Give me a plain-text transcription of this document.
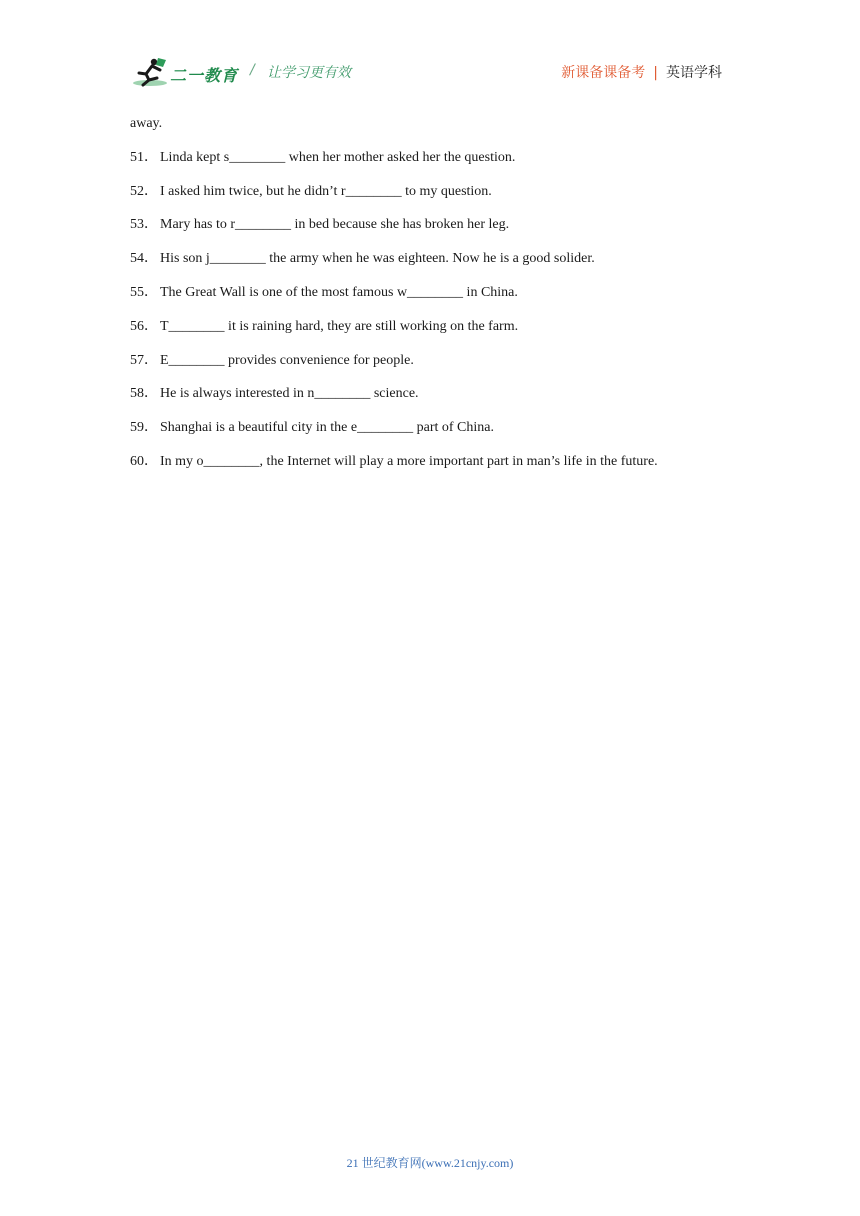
二一教育 / 让学习更有效	新课备课备考 | 英语学科
away.
51． Linda kept s________ when her mother asked her the question.
52． I asked him twice, but he didn’t r________ to my question.
53． Mary has to r________ in bed because she has broken her leg.
54． His son j________ the army when he was eighteen. Now he is a good solider.
55． The Great Wall is one of the most famous w________ in China.
56． T________ it is raining hard, they are still working on the farm.
57． E________ provides convenience for people.
58． He is always interested in n________ science.
59． Shanghai is a beautiful city in the e________ part of China.
60． In my o________, the Internet will play a more important part in man’s life in the future.
21 世纪教育网(www.21cnjy.com)
